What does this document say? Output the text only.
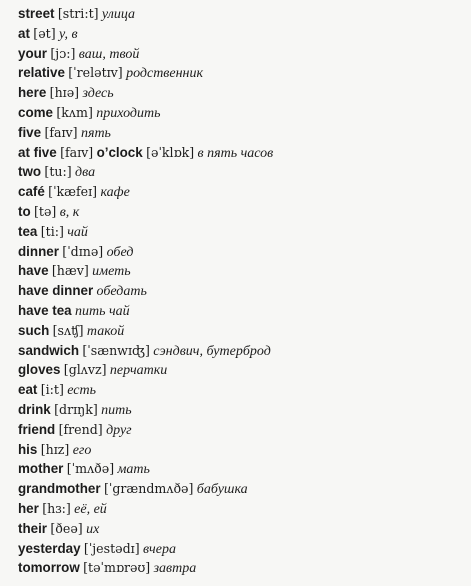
street [stri:t] улица
at [ət] у, в
your [jɔ:] ваш, твой
relative [ˈrelətɪv] родственник
here [hɪə] здесь
come [kʌm] приходить
five [faɪv] пять
at five [faɪv] o’clock [əˈklɒk] в пять часов
two [tu:] два
café [ˈkæfeɪ] кафе
to [tə] в, к
tea [ti:] чай
dinner [ˈdɪnə] обед
have [hæv] иметь
have dinner обедать
have tea пить чай
such [sʌʧ] такой
sandwich [ˈsænwɪʤ] сэндвич, бутерброд
gloves [glʌvz] перчатки
eat [i:t] есть
drink [drɪŋk] пить
friend [frend] друг
his [hɪz] его
mother [ˈmʌðə] мать
grandmother [ˈgrændmʌðə] бабушка
her [hɜ:] её, ей
their [ðeə] их
yesterday [ˈjestədɪ] вчера
tomorrow [təˈmɒrəʊ] завтра
